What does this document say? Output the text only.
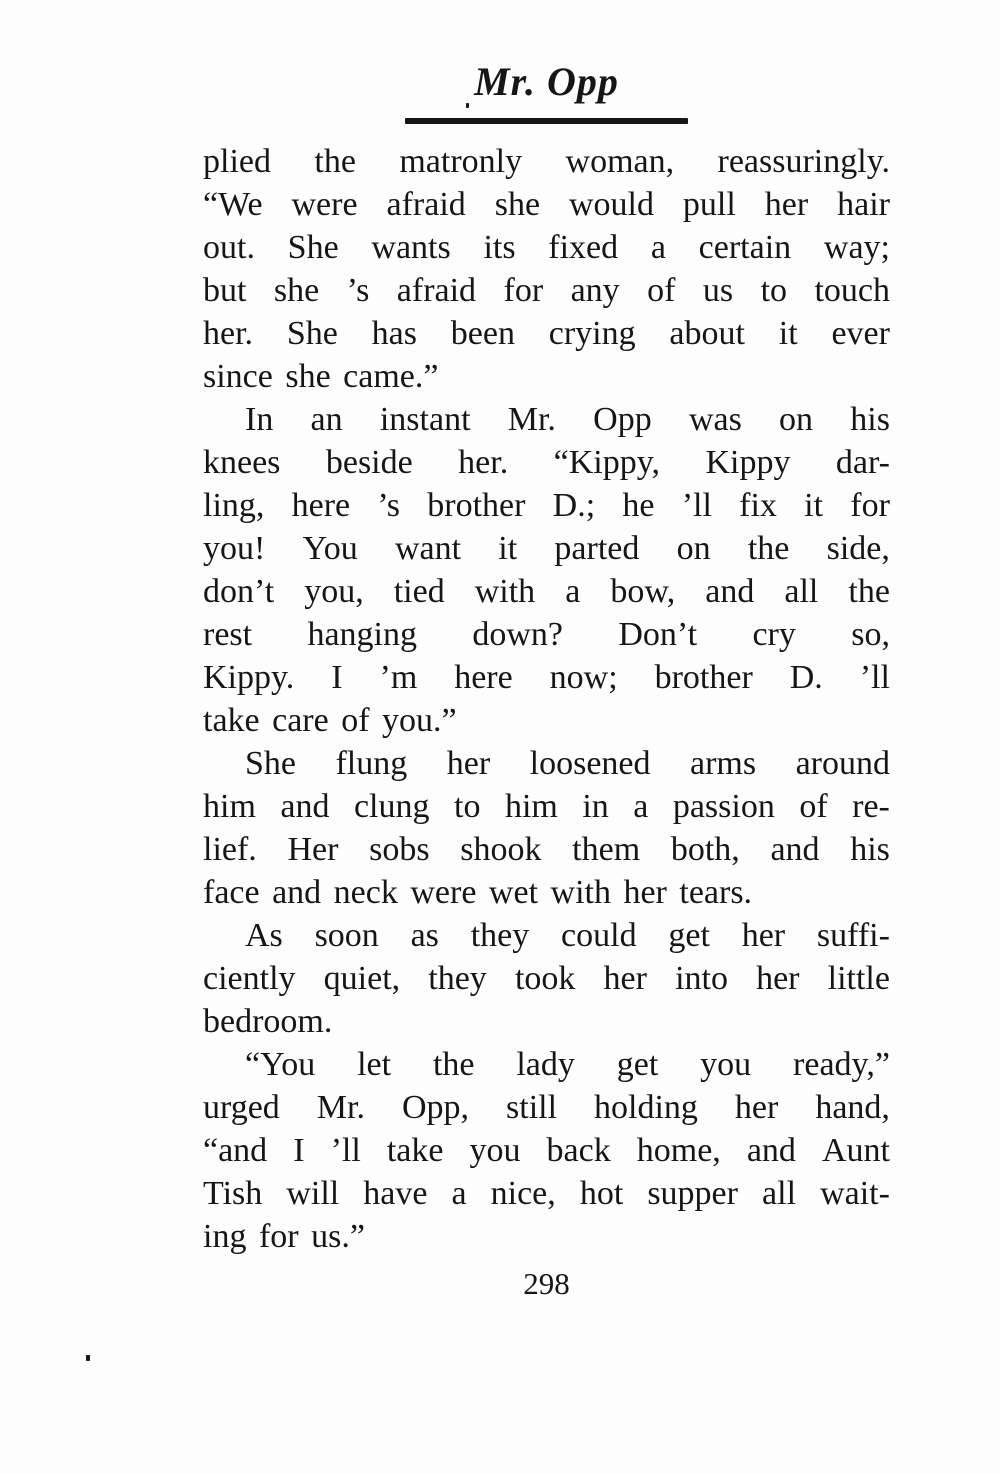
Mr. Opp
plied the matronly woman, reassuringly.
“We were afraid she would pull her hair
out. She wants its fixed a certain way;
but she ’s afraid for any of us to touch
her. She has been crying about it ever
since she came.”
In an instant Mr. Opp was on his
knees beside her. “Kippy, Kippy dar-
ling, here ’s brother D.; he ’ll fix it for
you! You want it parted on the side,
don’t you, tied with a bow, and all the
rest hanging down? Don’t cry so,
Kippy. I ’m here now; brother D. ’ll
take care of you.”
She flung her loosened arms around
him and clung to him in a passion of re-
lief. Her sobs shook them both, and his
face and neck were wet with her tears.
As soon as they could get her suffi-
ciently quiet, they took her into her little
bedroom.
“You let the lady get you ready,”
urged Mr. Opp, still holding her hand,
“and I ’ll take you back home, and Aunt
Tish will have a nice, hot supper all wait-
ing for us.”
298
